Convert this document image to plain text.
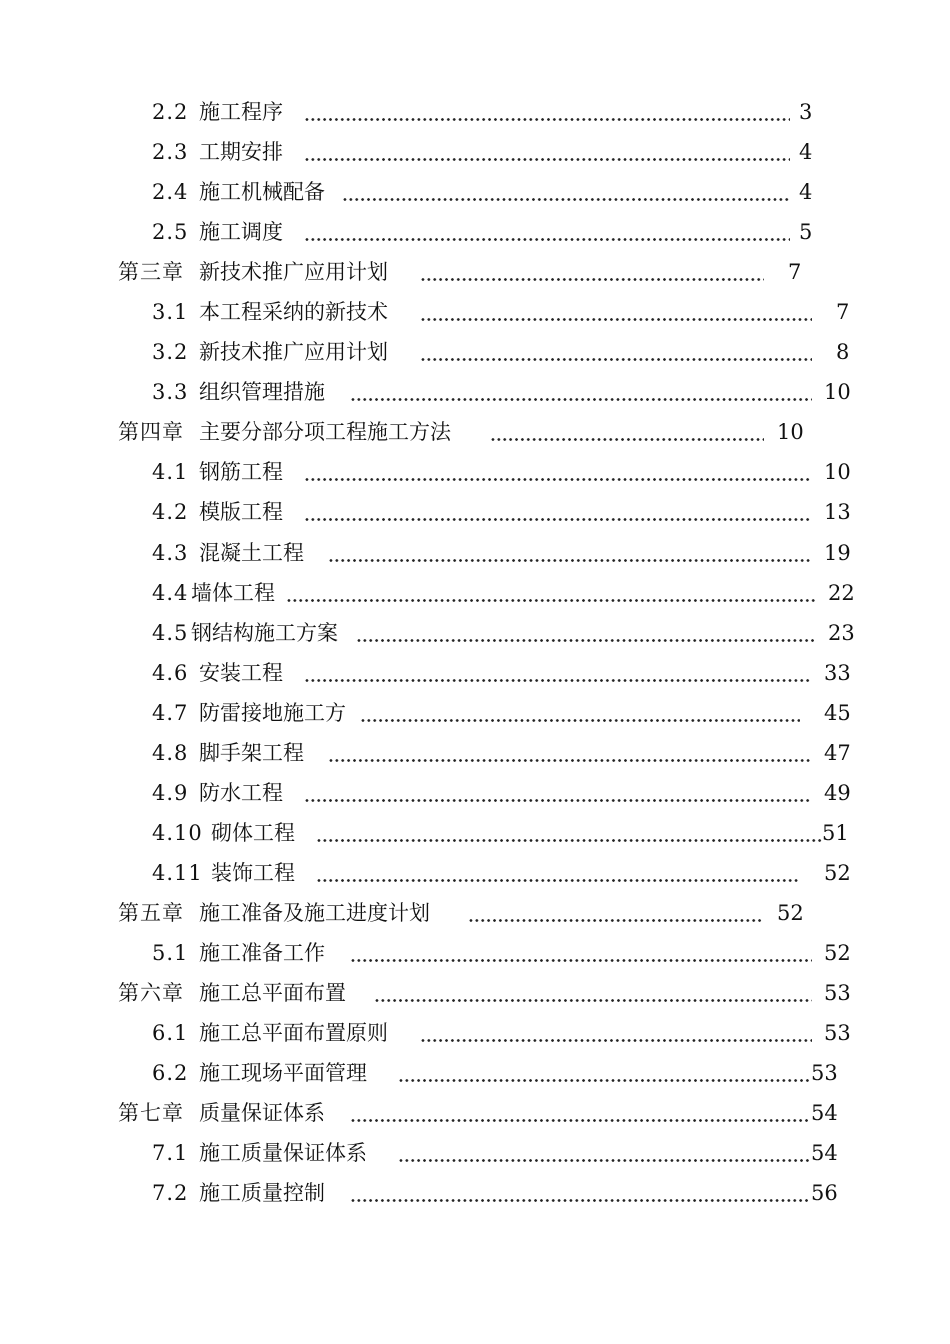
2.2 施工程序	3
2.3 工期安排	4
2.4 施工机械配备	4
2.5 施工调度	5
第三章 新技术推广应用计划	7
3.1 本工程采纳的新技术	7
3.2 新技术推广应用计划	8
3.3 组织管理措施	10
第四章 主要分部分项工程施工方法	10
4.1 钢筋工程	10
4.2 模版工程	13
4.3 混凝土工程	19
4.4 墙体工程	22
4.5 钢结构施工方案	23
4.6 安装工程	33
4.7 防雷接地施工方	45
4.8 脚手架工程	47
4.9 防水工程	49
4.10 砌体工程	51
4.11 装饰工程	52
第五章 施工准备及施工进度计划	52
5.1 施工准备工作	52
第六章 施工总平面布置	53
6.1 施工总平面布置原则	53
6.2 施工现场平面管理	53
第七章 质量保证体系	54
7.1 施工质量保证体系	54
7.2 施工质量控制	56
